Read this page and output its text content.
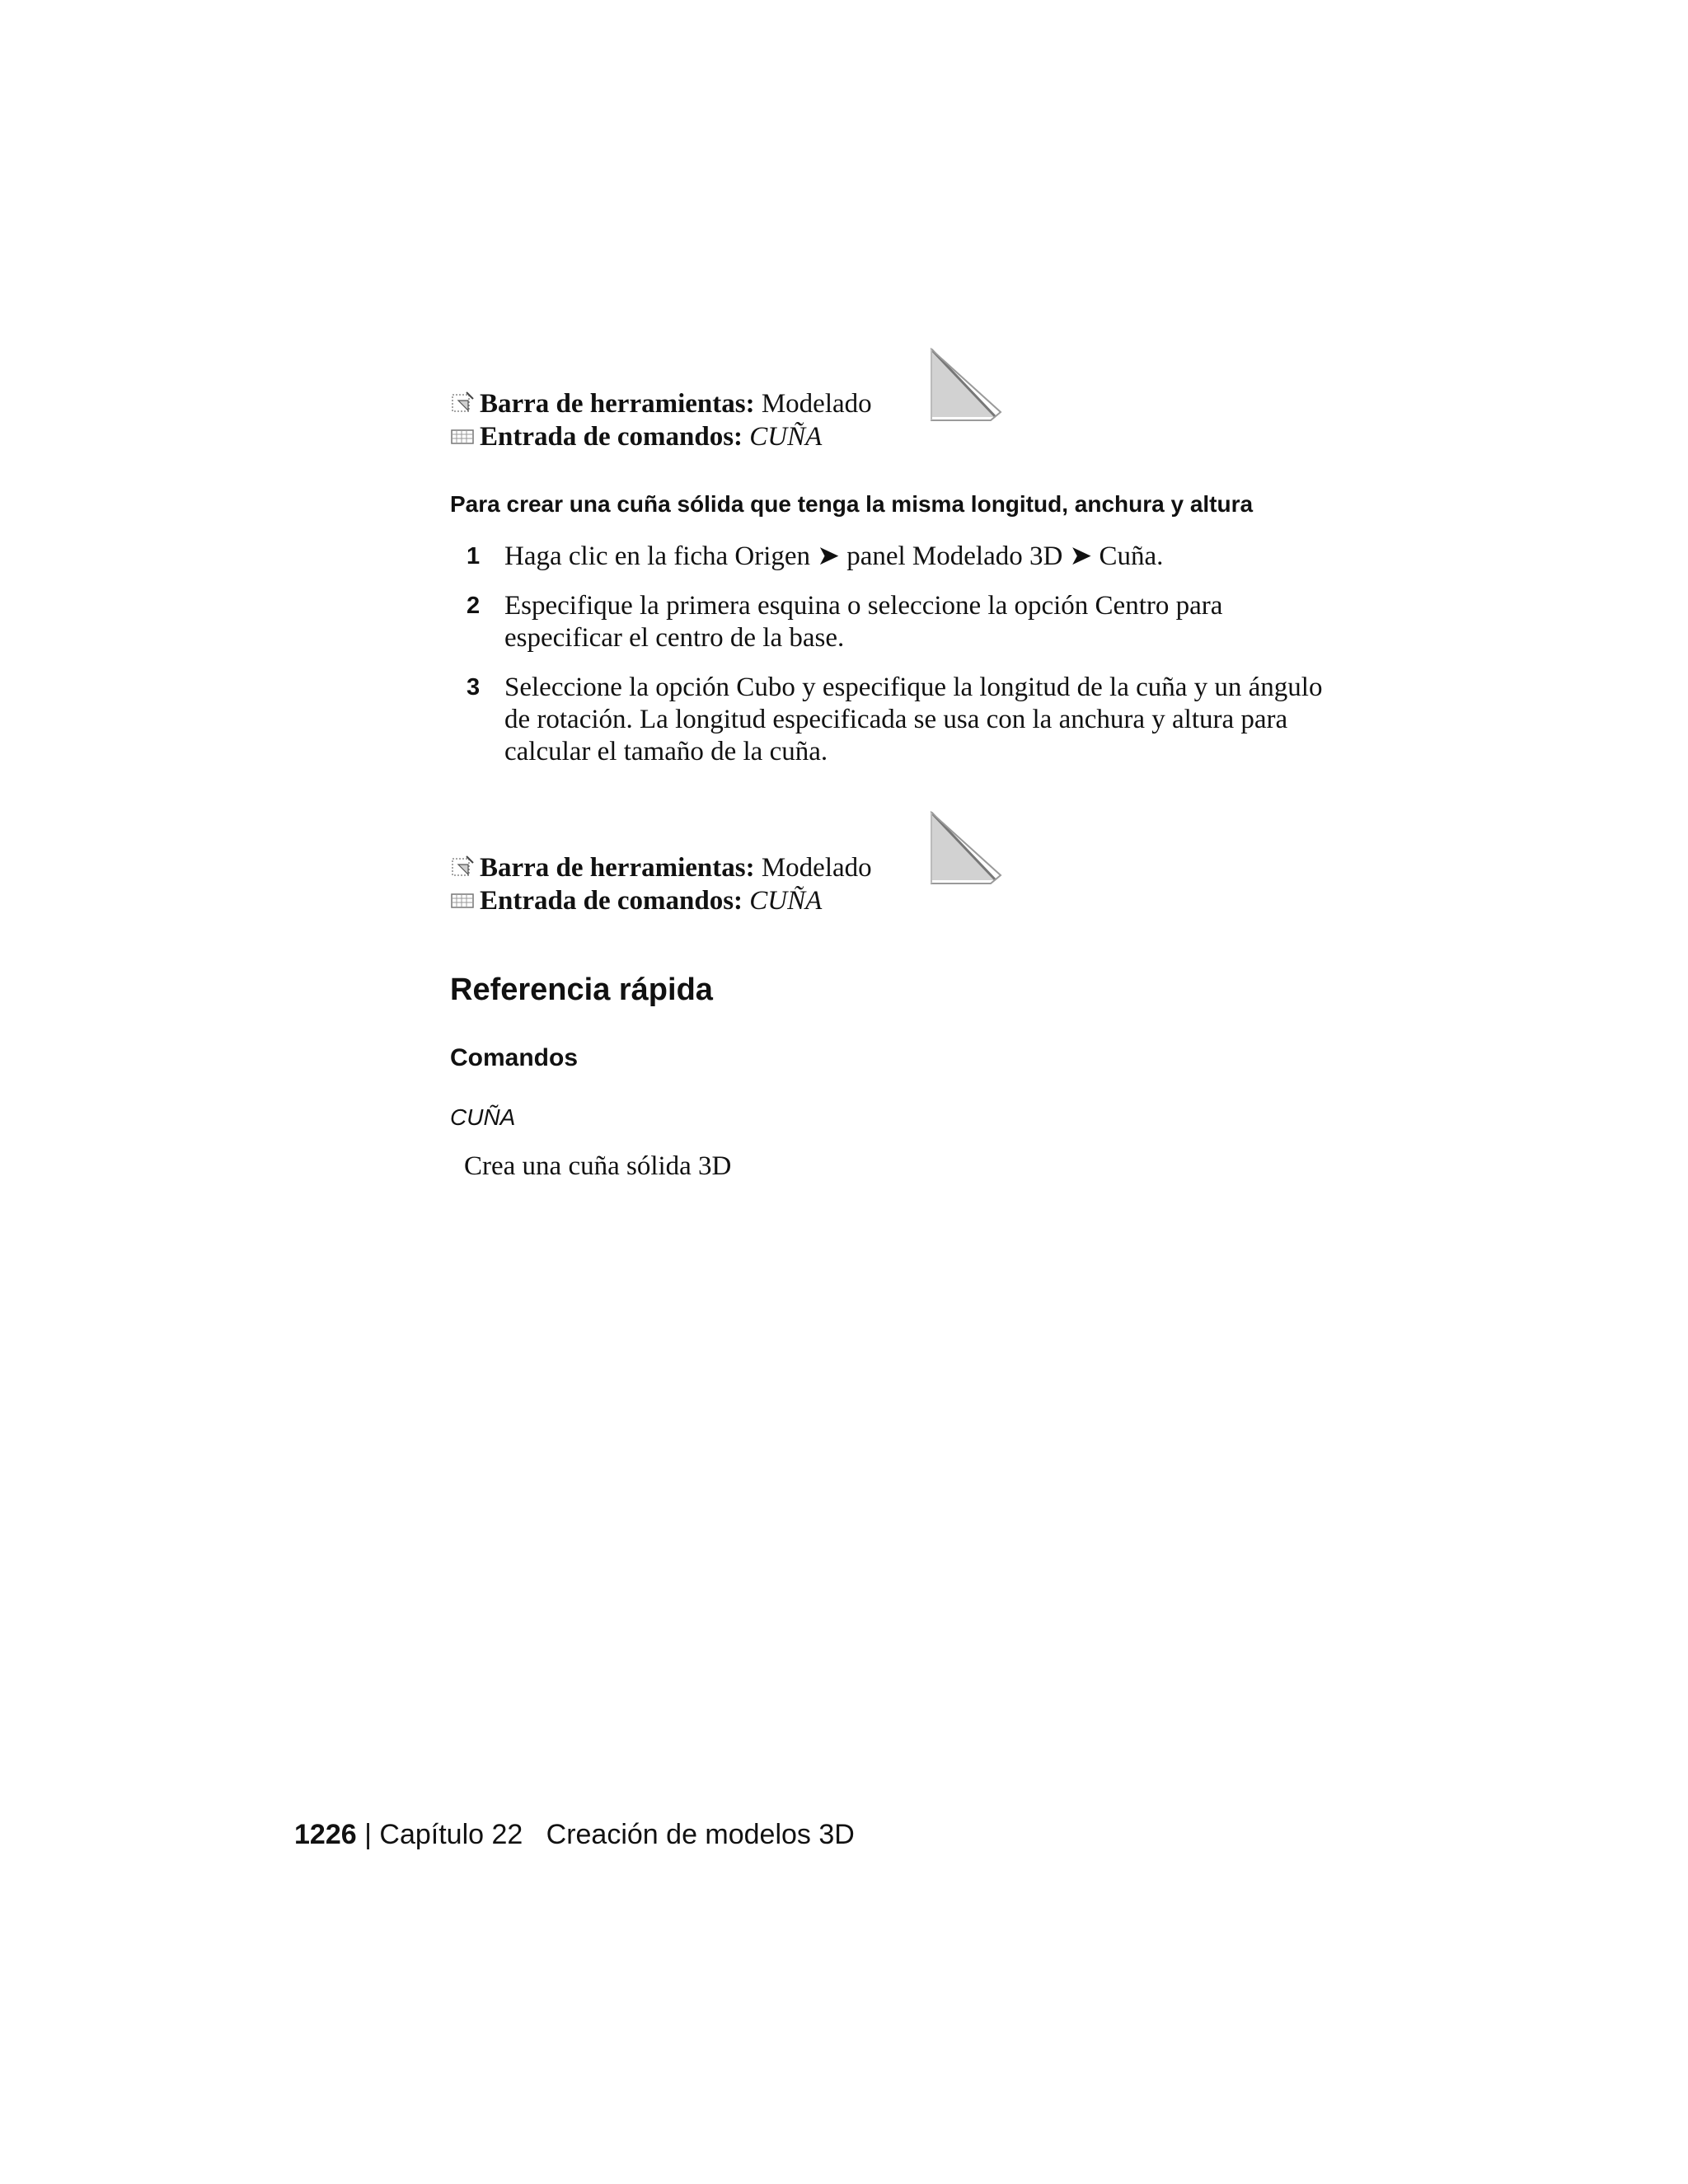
Barra de herramientas: Modelado
Entrada de comandos: CUÑA
Para crear una cuña sólida que tenga la misma longitud, anchura y altura
1 Haga clic en la ficha Origen ➤ panel Modelado 3D ➤ Cuña.
2 Especifique la primera esquina o seleccione la opción Centro para especificar el centro de la base.
3 Seleccione la opción Cubo y especifique la longitud de la cuña y un ángulo de rotación. La longitud especificada se usa con la anchura y altura para calcular el tamaño de la cuña.
Barra de herramientas: Modelado
Entrada de comandos: CUÑA
Referencia rápida
Comandos
CUÑA
Crea una cuña sólida 3D
1226 | Capítulo 22 Creación de modelos 3D
